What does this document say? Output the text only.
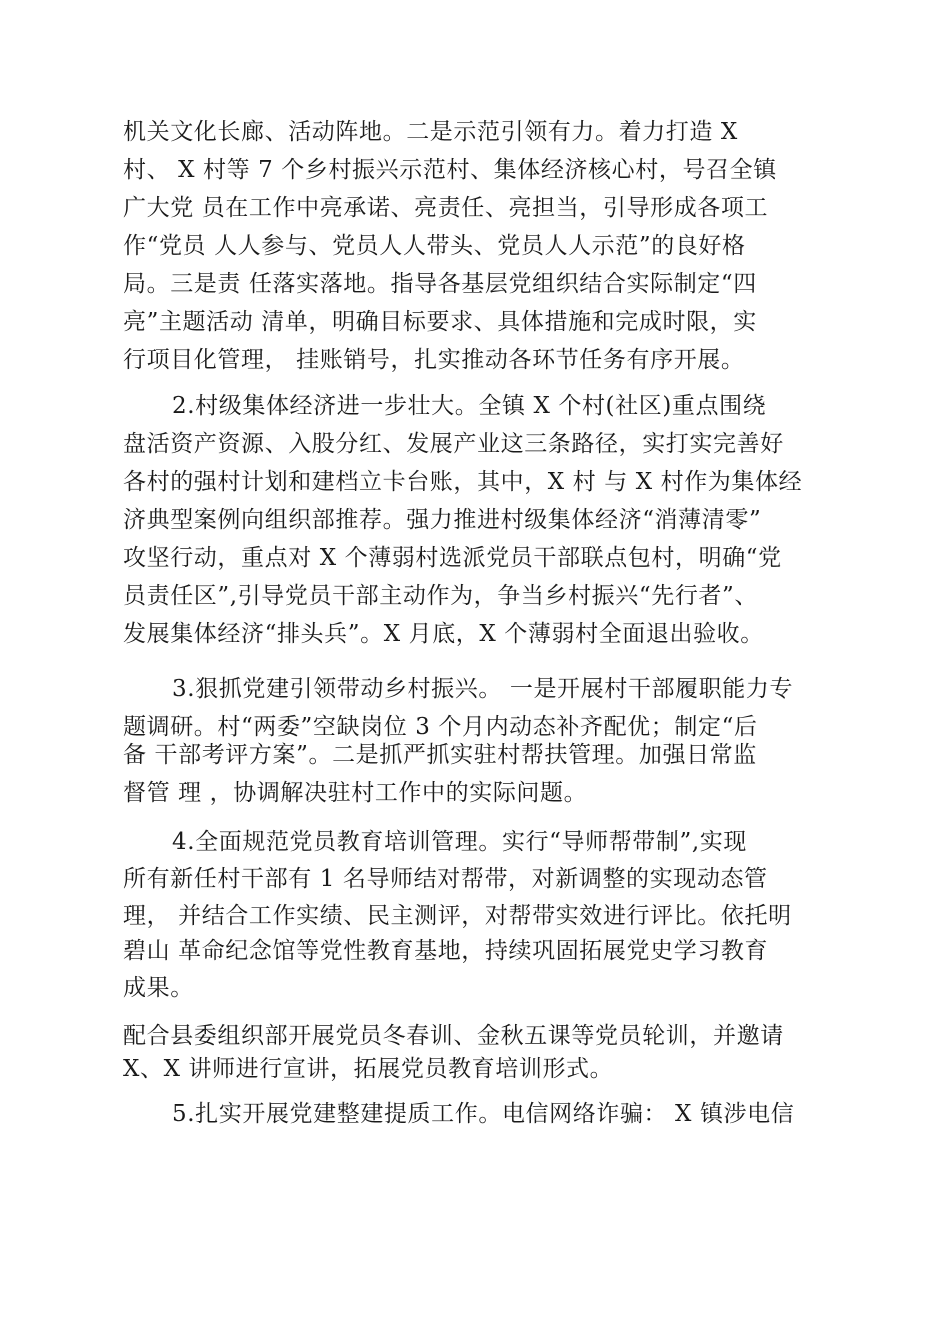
机关文化长廊、活动阵地。二是示范引领有力。着力打造 X
村、 X 村等 7 个乡村振兴示范村、集体经济核心村，号召全镇
广大党 员在工作中亮承诺、亮责任、亮担当，引导形成各项工
作“党员 人人参与、党员人人带头、党员人人示范”的良好格
局。三是责 任落实落地。指导各基层党组织结合实际制定“四
亮”主题活动 清单，明确目标要求、具体措施和完成时限，实
行项目化管理， 挂账销号，扎实推动各环节任务有序开展。
2.村级集体经济进一步壮大。全镇 X 个村(社区)重点围绕
盘活资产资源、入股分红、发展产业这三条路径，实打实完善好
各村的强村计划和建档立卡台账，其中，X 村 与 X 村作为集体经
济典型案例向组织部推荐。强力推进村级集体经济“消薄清零”
攻坚行动，重点对 X 个薄弱村选派党员干部联点包村，明确“党
员责任区”,引导党员干部主动作为，争当乡村振兴“先行者”、
发展集体经济“排头兵”。X 月底，X 个薄弱村全面退出验收。
3.狠抓党建引领带动乡村振兴。 一是开展村干部履职能力专
题调研。村“两委”空缺岗位 3 个月内动态补齐配优；制定“后
备 干部考评方案”。二是抓严抓实驻村帮扶管理。加强日常监
督管 理 ，协调解决驻村工作中的实际问题。
4.全面规范党员教育培训管理。实行“导师帮带制”,实现
所有新任村干部有 1 名导师结对帮带，对新调整的实现动态管
理， 并结合工作实绩、民主测评，对帮带实效进行评比。依托明
碧山 革命纪念馆等党性教育基地，持续巩固拓展党史学习教育
成果。
配合县委组织部开展党员冬春训、金秋五课等党员轮训，并邀请
X、X 讲师进行宣讲，拓展党员教育培训形式。
5.扎实开展党建整建提质工作。电信网络诈骗： X 镇涉电信
